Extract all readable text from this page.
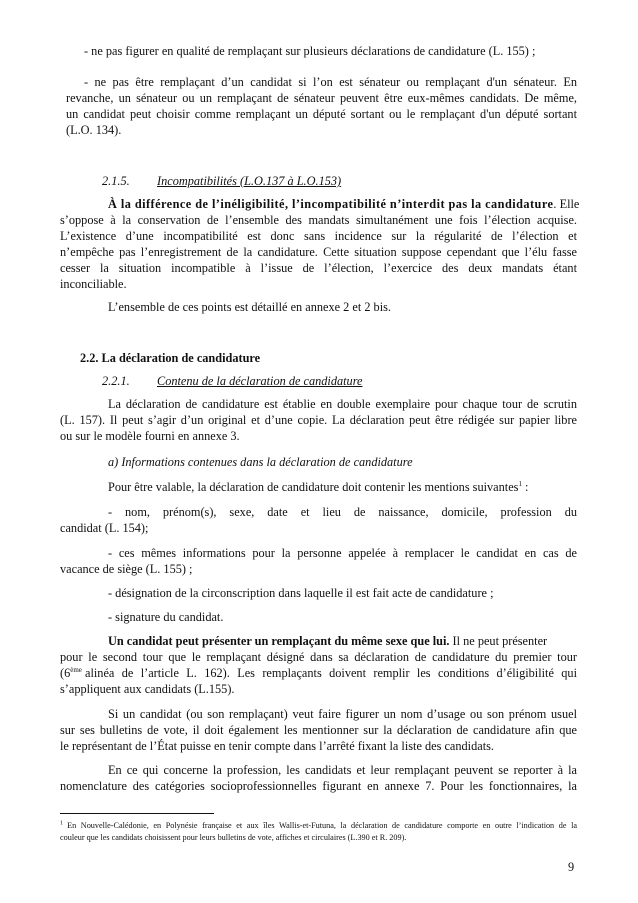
- ne pas figurer en qualité de remplaçant sur plusieurs déclarations de candidature (L. 155) ;
- ne pas être remplaçant d’un candidat si l’on est sénateur ou remplaçant d'un sénateur. En
revanche, un sénateur ou un remplaçant de sénateur peuvent être eux-mêmes candidats. De même,
un candidat peut choisir comme remplaçant un député sortant ou le remplaçant d'un député sortant
(L.O. 134).
2.1.5. Incompatibilités (L.O.137 à L.O.153)
À la différence de l’inéligibilité, l’incompatibilité n’interdit pas la candidature. Elle
s’oppose à la conservation de l’ensemble des mandats simultanément une fois l’élection acquise.
L’existence d’une incompatibilité est donc sans incidence sur la régularité de l’élection et
n’empêche pas l’enregistrement de la candidature. Cette situation suppose cependant que l’élu fasse
cesser la situation incompatible à l’issue de l’élection, l’exercice des deux mandats étant
inconciliable.
L’ensemble de ces points est détaillé en annexe 2 et 2 bis.
2.2. La déclaration de candidature
2.2.1. Contenu de la déclaration de candidature
La déclaration de candidature est établie en double exemplaire pour chaque tour de scrutin
(L. 157). Il peut s’agir d’un original et d’une copie. La déclaration peut être rédigée sur papier libre
ou sur le modèle fourni en annexe 3.
a) Informations contenues dans la déclaration de candidature
Pour être valable, la déclaration de candidature doit contenir les mentions suivantes$^1$ :
- nom, prénom(s), sexe, date et lieu de naissance, domicile, profession du
candidat (L. 154);
- ces mêmes informations pour la personne appelée à remplacer le candidat en cas de
vacance de siège (L. 155) ;
- désignation de la circonscription dans laquelle il est fait acte de candidature ;
- signature du candidat.
Un candidat peut présenter un remplaçant du même sexe que lui. Il ne peut présenter
pour le second tour que le remplaçant désigné dans sa déclaration de candidature du premier tour
(6ème alinéa de l’article L. 162). Les remplaçants doivent remplir les conditions d’éligibilité qui
s’appliquent aux candidats (L.155).
Si un candidat (ou son remplaçant) veut faire figurer un nom d’usage ou son prénom usuel
sur ses bulletins de vote, il doit également les mentionner sur la déclaration de candidature afin que
le représentant de l’État puisse en tenir compte dans l’arrêté fixant la liste des candidats.
En ce qui concerne la profession, les candidats et leur remplaçant peuvent se reporter à la
nomenclature des catégories socioprofessionnelles figurant en annexe 7. Pour les fonctionnaires, la
$^1$ En Nouvelle-Calédonie, en Polynésie française et aux îles Wallis-et-Futuna, la déclaration de candidature comporte en outre l’indication de la
couleur que les candidats choisissent pour leurs bulletins de vote, affiches et circulaires (L.390 et R. 209).
9
